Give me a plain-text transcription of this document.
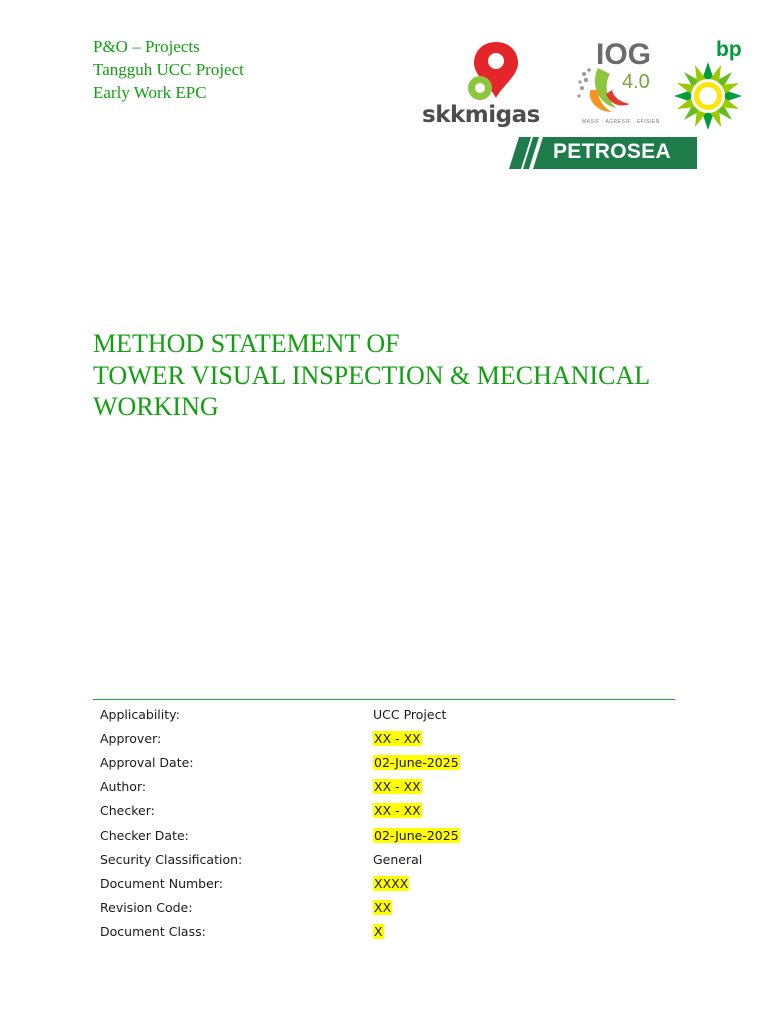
P&O – Projects
Tangguh UCC Project
Early Work EPC
skkmigas
IOG
4.0
MASIF · AGRESIF · EFISIEN
bp
PETROSEA
METHOD STATEMENT OF
TOWER VISUAL INSPECTION & MECHANICAL
WORKING
Applicability:	UCC Project
Approver:	XX - XX
Approval Date:	02-June-2025
Author:	XX - XX
Checker:	XX - XX
Checker Date:	02-June-2025
Security Classification:	General
Document Number:	XXXX
Revision Code:	XX
Document Class:	X
